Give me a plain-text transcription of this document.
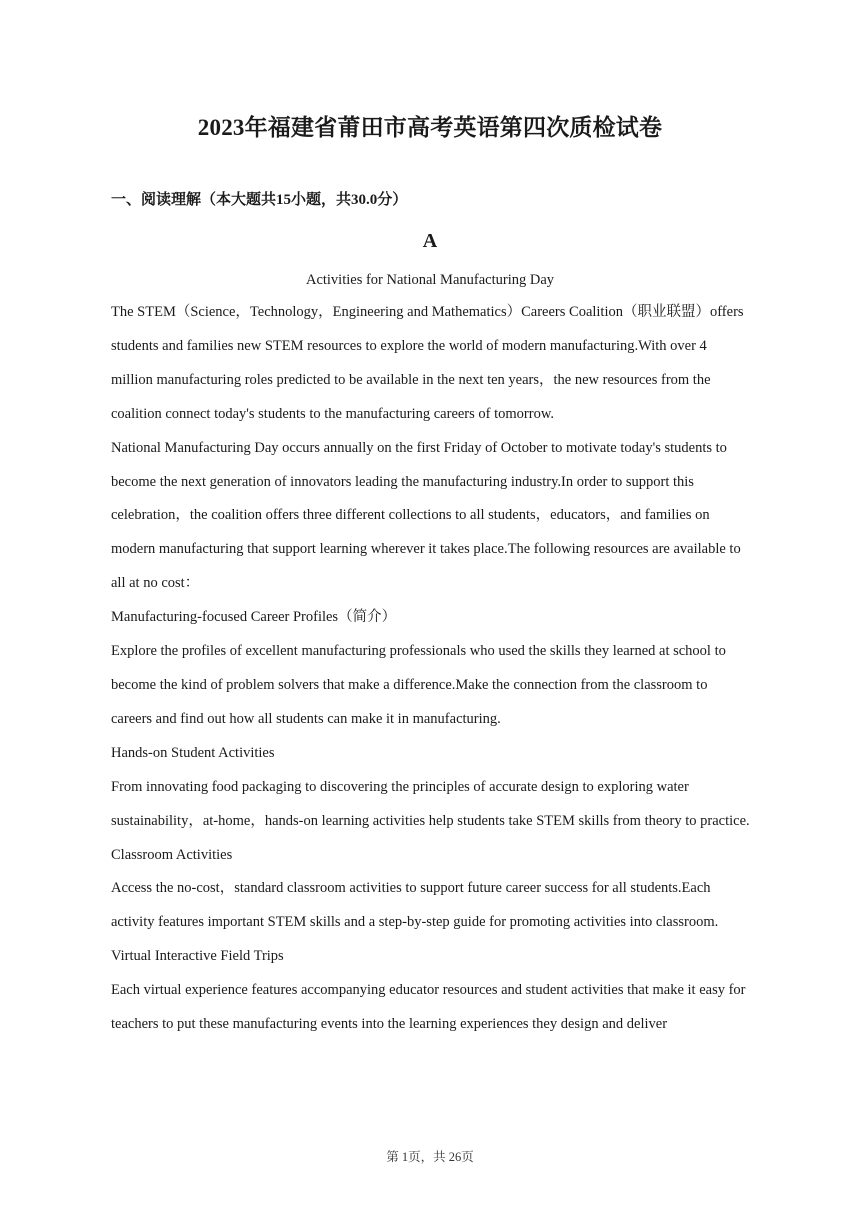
2023年福建省莆田市高考英语第四次质检试卷
一、阅读理解（本大题共15小题，共30.0分）
A
Activities for National Manufacturing Day

The STEM（Science，Technology，Engineering and Mathematics）Careers Coalition（职业联盟）offers students and families new STEM resources to explore the world of modern manufacturing.With over 4 million manufacturing roles predicted to be available in the next ten years，the new resources from the coalition connect today's students to the manufacturing careers of tomorrow.

National Manufacturing Day occurs annually on the first Friday of October to motivate today's students to become the next generation of innovators leading the manufacturing industry.In order to support this celebration，the coalition offers three different collections to all students，educators，and families on modern manufacturing that support learning wherever it takes place.The following resources are available to all at no cost：

Manufacturing-focused Career Profiles（简介）

Explore the profiles of excellent manufacturing professionals who used the skills they learned at school to become the kind of problem solvers that make a difference.Make the connection from the classroom to careers and find out how all students can make it in manufacturing.

Hands-on Student Activities

From innovating food packaging to discovering the principles of accurate design to exploring water sustainability，at-home，hands-on learning activities help students take STEM skills from theory to practice.

Classroom Activities

Access the no-cost，standard classroom activities to support future career success for all students.Each activity features important STEM skills and a step-by-step guide for promoting activities into classroom.

Virtual Interactive Field Trips

Each virtual experience features accompanying educator resources and student activities that make it easy for teachers to put these manufacturing events into the learning experiences they design and deliver

第 1页，共 26页
